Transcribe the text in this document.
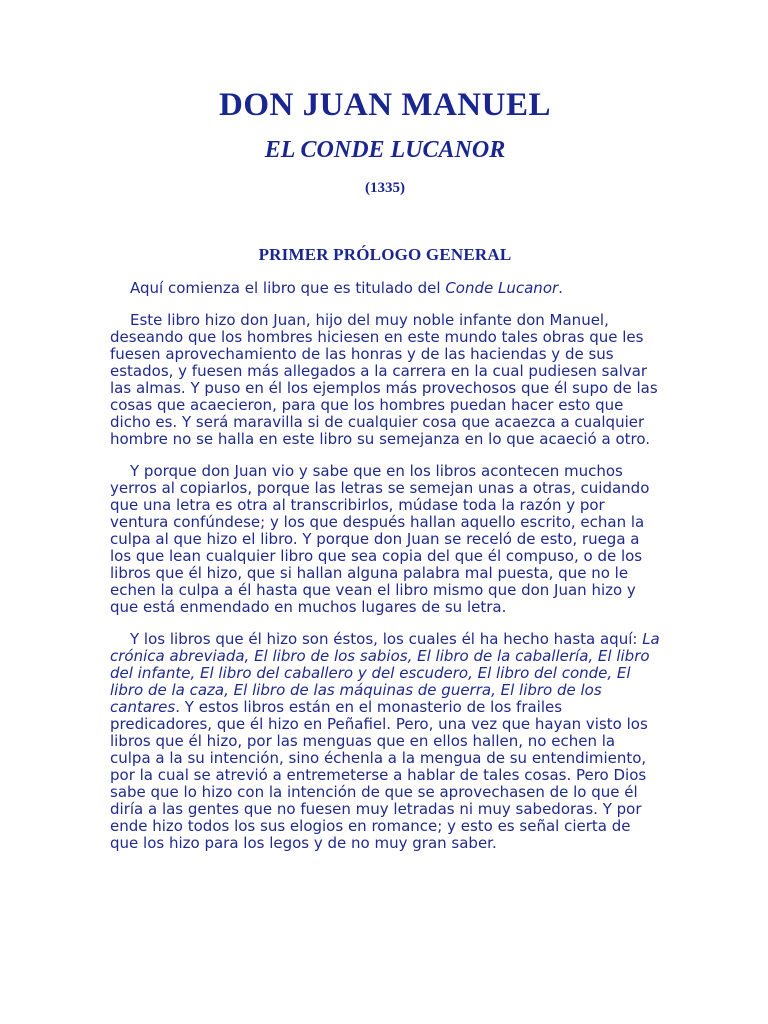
DON JUAN MANUEL
EL CONDE LUCANOR
(1335)
PRIMER PRÓLOGO GENERAL

Aquí comienza el libro que es titulado del Conde Lucanor.

Este libro hizo don Juan, hijo del muy noble infante don Manuel, deseando que los hombres hiciesen en este mundo tales obras que les fuesen aprovechamiento de las honras y de las haciendas y de sus estados, y fuesen más allegados a la carrera en la cual pudiesen salvar las almas. Y puso en él los ejemplos más provechosos que él supo de las cosas que acaecieron, para que los hombres puedan hacer esto que dicho es. Y será maravilla si de cualquier cosa que acaezca a cualquier hombre no se halla en este libro su semejanza en lo que acaeció a otro.

Y porque don Juan vio y sabe que en los libros acontecen muchos yerros al copiarlos, porque las letras se semejan unas a otras, cuidando que una letra es otra al transcribirlos, múdase toda la razón y por ventura confúndese; y los que después hallan aquello escrito, echan la culpa al que hizo el libro. Y porque don Juan se receló de esto, ruega a los que lean cualquier libro que sea copia del que él compuso, o de los libros que él hizo, que si hallan alguna palabra mal puesta, que no le echen la culpa a él hasta que vean el libro mismo que don Juan hizo y que está enmendado en muchos lugares de su letra.

Y los libros que él hizo son éstos, los cuales él ha hecho hasta aquí: La crónica abreviada, El libro de los sabios, El libro de la caballería, El libro del infante, El libro del caballero y del escudero, El libro del conde, El libro de la caza, El libro de las máquinas de guerra, El libro de los cantares. Y estos libros están en el monasterio de los frailes predicadores, que él hizo en Peñafiel. Pero, una vez que hayan visto los libros que él hizo, por las menguas que en ellos hallen, no echen la culpa a la su intención, sino échenla a la mengua de su entendimiento, por la cual se atrevió a entremeterse a hablar de tales cosas. Pero Dios sabe que lo hizo con la intención de que se aprovechasen de lo que él diría a las gentes que no fuesen muy letradas ni muy sabedoras. Y por ende hizo todos los sus elogios en romance; y esto es señal cierta de que los hizo para los legos y de no muy gran saber.
